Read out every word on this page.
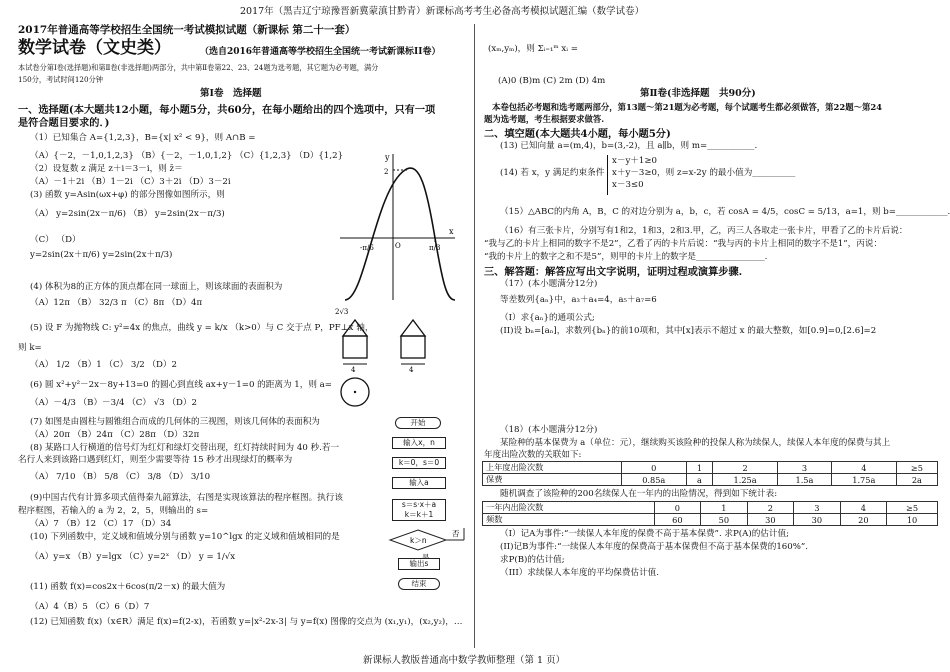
2017年（黑吉辽宁琼豫晋新冀蒙滇甘黔青）新课标高考考生必备高考模拟试题汇编（数学试卷）
新课标人教版普通高中数学教师整理（第 1 页）
2017年普通高等学校招生全国统一考试模拟试题（新课标 第二十一套）
数学试卷（文史类）	（选自2016年普通高等学校招生全国统一考试新课标II卷）
本试卷分第Ⅰ卷(选择题)和第Ⅱ卷(非选择题)两部分，共中第Ⅱ卷第22、23、24题为选考题，其它题为必考题，满分
150分，考试时间120分钟
第Ⅰ卷　选择题
一、选择题(本大题共12小题，每小题5分，共60分，在每小题给出的四个选项中，只有一项
是符合题目要求的．)
（1）已知集合 A={1,2,3}，B={x| x² < 9}，则 A∩B =
（A）{－2，－1,0,1,2,3} （B）{－2，－1,0,1,2} （C）{1,2,3} （D）{1,2}
（2）设复数 z 满足 z＋i＝3－i，则 z̄＝
（A）－1＋2i （B）1－2i （C）3＋2i （D）3－2i
(3) 函数 y=Asin(ωx+φ) 的部分图像如图所示，则
（A） y=2sin(2x－π/6) （B） y=2sin(2x－π/3)
（C） （D）
y=2sin(2x＋π/6) y=2sin(2x＋π/3)
(4) 体积为8的正方体的顶点都在同一球面上，则该球面的表面积为
（A）12π （B） 32/3 π （C）8π （D）4π
(5) 设 F 为抛物线 C: y²=4x 的焦点，曲线 y = k/x （k>0）与 C 交于点 P，PF⊥x 轴，
则 k=
（A） 1/2 （B）1 （C） 3/2 （D）2
(6) 圆 x²+y²－2x－8y+13=0 的圆心到直线 ax+y－1=0 的距离为 1，则 a=
（A）－4/3 （B）－3/4 （C） √3 （D）2
(7) 如图是由圆柱与圆锥组合而成的几何体的三视图，则该几何体的表面积为
（A）20π （B）24π （C）28π （D）32π
(8) 某路口人行横道的信号灯为红灯和绿灯交替出现，红灯持续时间为 40 秒.若一
名行人来到该路口遇到红灯，则至少需要等待 15 秒才出现绿灯的概率为
（A） 7/10 （B） 5/8 （C） 3/8 （D） 3/10
(9)中国古代有计算多项式值得秦九韶算法，右图是实现该算法的程序框图。执行该
程序框图，若输入的 a 为 2，2，5，则输出的 s=
（A）7 （B）12 （C）17 （D）34
(10) 下列函数中，定义域和值域分别与函数 y=10^lgx 的定义域和值域相同的是
（A）y=x （B）y=lgx （C）y=2ˣ （D） y = 1/√x
(11) 函数 f(x)=cos2x＋6cos(π/2－x) 的最大值为
（A）4（B）5 （C）6（D）7
(12) 已知函数 f(x)（x∈R）满足 f(x)=f(2-x)，若函数 y=|x²-2x-3| 与 y=f(x) 图像的交点为 (x₁,y₁)，(x₂,y₂)，…
y
x
2
O
-π/6	π/3
4	4
2√3
开始
输入x，n
k＝0，s＝0
输入a
s＝s·x＋a
k＝k＋1
k＞n
否
输出s
结束
(xₘ,yₘ)，则 Σᵢ₌₁ᵐ xᵢ =
(A)0 (B)m (C) 2m (D) 4m
第Ⅱ卷(非选择题　共90分)
本卷包括必考题和选考题两部分，第13题～第21题为必考题，每个试题考生都必须做答，第22题～第24
题为选考题，考生根据要求做答.
二、填空题(本大题共4小题，每小题5分)
(13) 已知向量 a=(m,4)，b=(3,-2)，且 a∥b，则 m=___________.
(14) 若 x，y 满足约束条件
x－y＋1≥0
x＋y－3≥0，则 z=x-2y 的最小值为__________
x－3≤0
（15）△ABC的内角 A，B，C 的对边分别为 a，b，c，若 cosA = 4/5，cosC = 5/13，a=1，则 b=____________.
（16）有三张卡片，分别写有1和2，1和3，2和3.甲，乙，丙三人各取走一张卡片，甲看了乙的卡片后说：
“我与乙的卡片上相同的数字不是2”，乙看了丙的卡片后说：“我与丙的卡片上相同的数字不是1”，丙说：
“我的卡片上的数字之和不是5”，则甲的卡片上的数字是________________.
三、解答题：解答应写出文字说明，证明过程或演算步骤.
（17）(本小题满分12分)
等差数列{aₙ}中，a₃＋a₄=4，a₅＋a₇=6
（I）求{aₙ}的通项公式;
(II)设 bₙ=[aₙ]，求数列{bₙ}的前10项和，其中[x]表示不超过 x 的最大整数，如[0.9]=0,[2.6]=2
（18）(本小题满分12分)
某险种的基本保费为 a（单位：元），继续购买该险种的投保人称为续保人，续保人本年度的保费与其上
年度出险次数的关联如下:
上年度出险次数	0	1	2	3	4	≥5
保费	0.85a	a	1.25a	1.5a	1.75a	2a
随机调查了该险种的200名续保人在一年内的出险情况，得到如下统计表:
一年内出险次数	0	1	2	3	4	≥5
频数	60	50	30	30	20	10
（I）记A为事件:“一续保人本年度的保费不高于基本保费”. 求P(A)的估计值;
(II)记B为事件:“一续保人本年度的保费高于基本保费但不高于基本保费的160%”.
求P(B)的估计值;
（III）求续保人本年度的平均保费估计值.
